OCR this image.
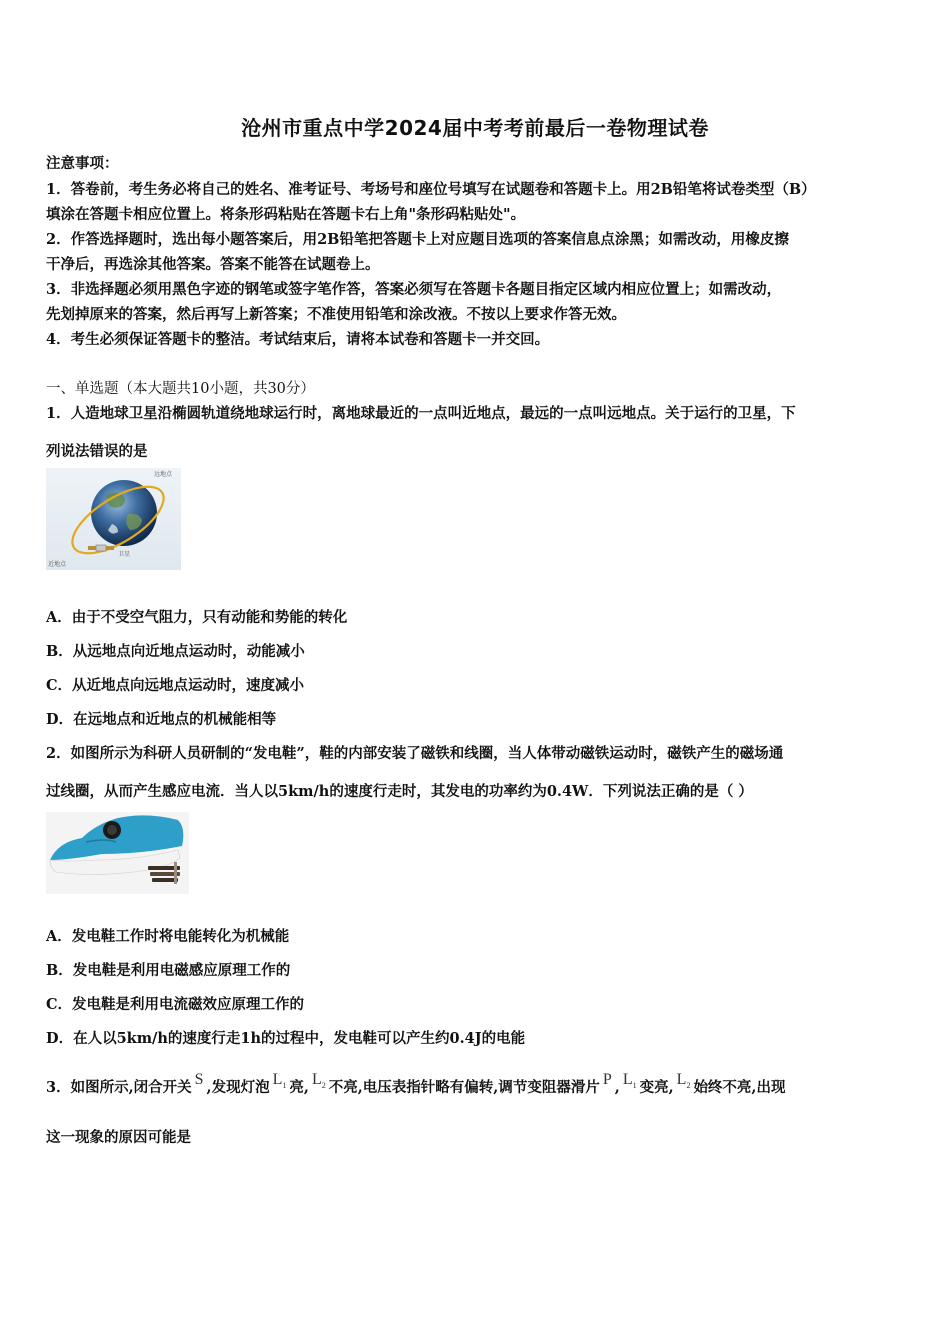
沧州市重点中学2024届中考考前最后一卷物理试卷
注意事项：
1．答卷前，考生务必将自己的姓名、准考证号、考场号和座位号填写在试题卷和答题卡上。用2B铅笔将试卷类型（B）
填涂在答题卡相应位置上。将条形码粘贴在答题卡右上角"条形码粘贴处"。
2．作答选择题时，选出每小题答案后，用2B铅笔把答题卡上对应题目选项的答案信息点涂黑；如需改动，用橡皮擦
干净后，再选涂其他答案。答案不能答在试题卷上。
3．非选择题必须用黑色字迹的钢笔或签字笔作答，答案必须写在答题卡各题目指定区域内相应位置上；如需改动，
先划掉原来的答案，然后再写上新答案；不准使用铅笔和涂改液。不按以上要求作答无效。
4．考生必须保证答题卡的整洁。考试结束后，请将本试卷和答题卡一并交回。
一、单选题（本大题共10小题，共30分）
1．人造地球卫星沿椭圆轨道绕地球运行时，离地球最近的一点叫近地点，最远的一点叫远地点。关于运行的卫星，下
列说法错误的是
远地点
近地点
卫星
A．由于不受空气阻力，只有动能和势能的转化
B．从远地点向近地点运动时，动能减小
C．从近地点向远地点运动时，速度减小
D．在远地点和近地点的机械能相等
2．如图所示为科研人员研制的“发电鞋”，鞋的内部安装了磁铁和线圈，当人体带动磁铁运动时，磁铁产生的磁场通
过线圈，从而产生感应电流．当人以5km/h的速度行走时，其发电的功率约为0.4W．下列说法正确的是（ ）
A．发电鞋工作时将电能转化为机械能
B．发电鞋是利用电磁感应原理工作的
C．发电鞋是利用电流磁效应原理工作的
D．在人以5km/h的速度行走1h的过程中，发电鞋可以产生约0.4J的电能
3．如图所示,闭合开关 S ,发现灯泡 $L_1$ 亮, $L_2$ 不亮,电压表指针略有偏转,调节变阻器滑片 P , $L_1$ 变亮, $L_2$ 始终不亮,出现
这一现象的原因可能是
